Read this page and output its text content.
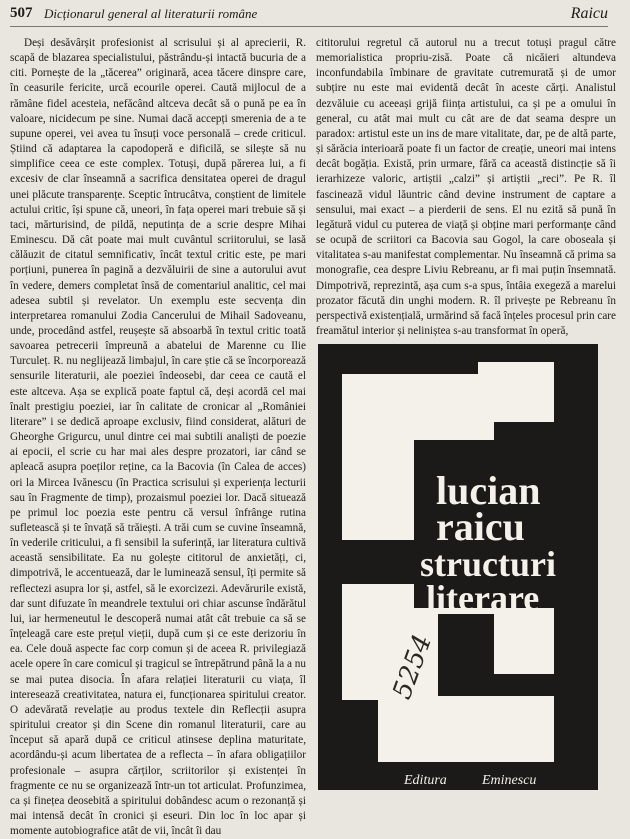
507 Dicționarul general al literaturii române	Raicu

Deși desăvârșit profesionist al scrisului și al aprecierii, R. scapă de blazarea specialistului, păstrându-și intactă bucuria de a citi. Pornește de la „tăcerea” originară, acea tăcere dinspre care, în ceasurile fericite, urcă ecourile operei. Caută mijlocul de a rămâne fidel acesteia, nefăcând altceva decât să o pună pe ea în valoare, nicidecum pe sine. Numai dacă accepți smerenia de a te supune operei, vei avea tu însuți voce personală – crede criticul. Știind că adaptarea la capodoperă e dificilă, se silește să nu simplifice ceea ce este complex. Totuși, după părerea lui, a fi excesiv de clar înseamnă a sacrifica densitatea operei de dragul unei plăcute transparențe. Sceptic întrucâtva, conștient de limitele actului critic, își spune că, uneori, în fața operei mari trebuie să și taci, mărturisind, de pildă, neputința de a scrie despre Mihai Eminescu. Dă cât poate mai mult cuvântul scriitorului, se lasă călăuzit de citatul semnificativ, încât textul critic este, pe mari porțiuni, punerea în pagină a dezvăluirii de sine a autorului avut în vedere, demers completat însă de comentariul analitic, cel mai adesea subtil și revelator. Un exemplu este secvența din interpretarea romanului Zodia Cancerului de Mihail Sadoveanu, unde, procedând astfel, reușește să absoarbă în textul critic toată savoarea petrecerii împreună a abatelui de Marenne cu Ilie Turculeț. R. nu neglijează limbajul, în care știe că se încorporează sensurile literaturii, ale poeziei îndeosebi, dar ceea ce caută el este altceva. Așa se explică poate faptul că, deși acordă cel mai înalt prestigiu poeziei, iar în calitate de cronicar al „României literare” i se dedică aproape exclusiv, fiind considerat, alături de Gheorghe Grigurcu, unul dintre cei mai subtili analiști de poezie ai epocii, el scrie cu har mai ales despre prozatori, iar când se apleacă asupra poeților reține, ca la Bacovia (în Calea de acces) ori la Mircea Ivănescu (în Practica scrisului și experiența lecturii sau în Fragmente de timp), prozaismul poeziei lor. Dacă situează pe primul loc poezia este pentru că versul înfrânge rutina sufletească și te învață să trăiești. A trăi cum se cuvine înseamnă, în vederile criticului, a fi sensibil la suferință, iar literatura cultivă această sensibilitate. Ea nu golește cititorul de anxietăți, ci, dimpotrivă, le accentuează, dar le luminează sensul, îți permite să reflectezi asupra lor și, astfel, să le exorcizezi. Adevărurile există, dar sunt difuzate în meandrele textului ori chiar ascunse îndărătul lui, iar hermeneutul le descoperă numai atât cât trebuie ca să se înțeleagă care este prețul vieții, după cum și ce este derizoriu în ea. Cele două aspecte fac corp comun și de aceea R. privilegiază acele opere în care comicul și tragicul se întrepătrund până la a nu se mai putea disocia. În afara relației literaturii cu viața, îl interesează creativitatea, natura ei, funcționarea spiritului creator. O adevărată revelație au produs textele din Reflecții asupra spiritului creator și din Scene din romanul literaturii, care au început să apară după ce criticul atinsese deplina maturitate, acordându-și acum libertatea de a reflecta – în afara obligațiilor profesionale – asupra cărților, scriitorilor și existenței în fragmente ce nu se organizează într-un tot articulat. Profunzimea, ca și finețea deosebită a spiritului dobândesc acum o rezonanță și mai intensă decât în cronici și eseuri. Din loc în loc apar și momente autobiografice atât de vii, încât îi dau

cititorului regretul că autorul nu a trecut totuși pragul către memorialistica propriu-zisă. Poate că nicăieri altundeva inconfundabila îmbinare de gravitate cutremurată și de umor subțire nu este mai evidentă decât în aceste cărți. Analistul dezvăluie cu aceeași grijă ființa artistului, ca și pe a omului în general, cu atât mai mult cu cât are de dat seama despre un paradox: artistul este un ins de mare vitalitate, dar, pe de altă parte, și sărăcia interioară poate fi un factor de creație, uneori mai intens decât bogăția. Există, prin urmare, fără ca această distincție să îi ierarhizeze valoric, artiștii „calzi” și artiștii „reci”. Pe R. îl fascinează vidul lăuntric când devine instrument de captare a sensului, mai exact – a pierderii de sens. El nu ezită să pună în legătură vidul cu puterea de viață și obține mari performanțe când se ocupă de scriitori ca Bacovia sau Gogol, la care oboseala și vitalitatea s-au manifestat complementar. Nu înseamnă că prima sa monografie, cea despre Liviu Rebreanu, ar fi mai puțin însemnată. Dimpotrivă, reprezintă, așa cum s-a spus, întâia exegeză a marelui prozator făcută din unghi modern. R. îl privește pe Rebreanu în perspectivă existențială, urmărind să facă înțeles procesul prin care freamătul interior și neliniștea s-au transformat în operă,

lucian
raicu
structuri
literare
5254
Editura	Eminescu
